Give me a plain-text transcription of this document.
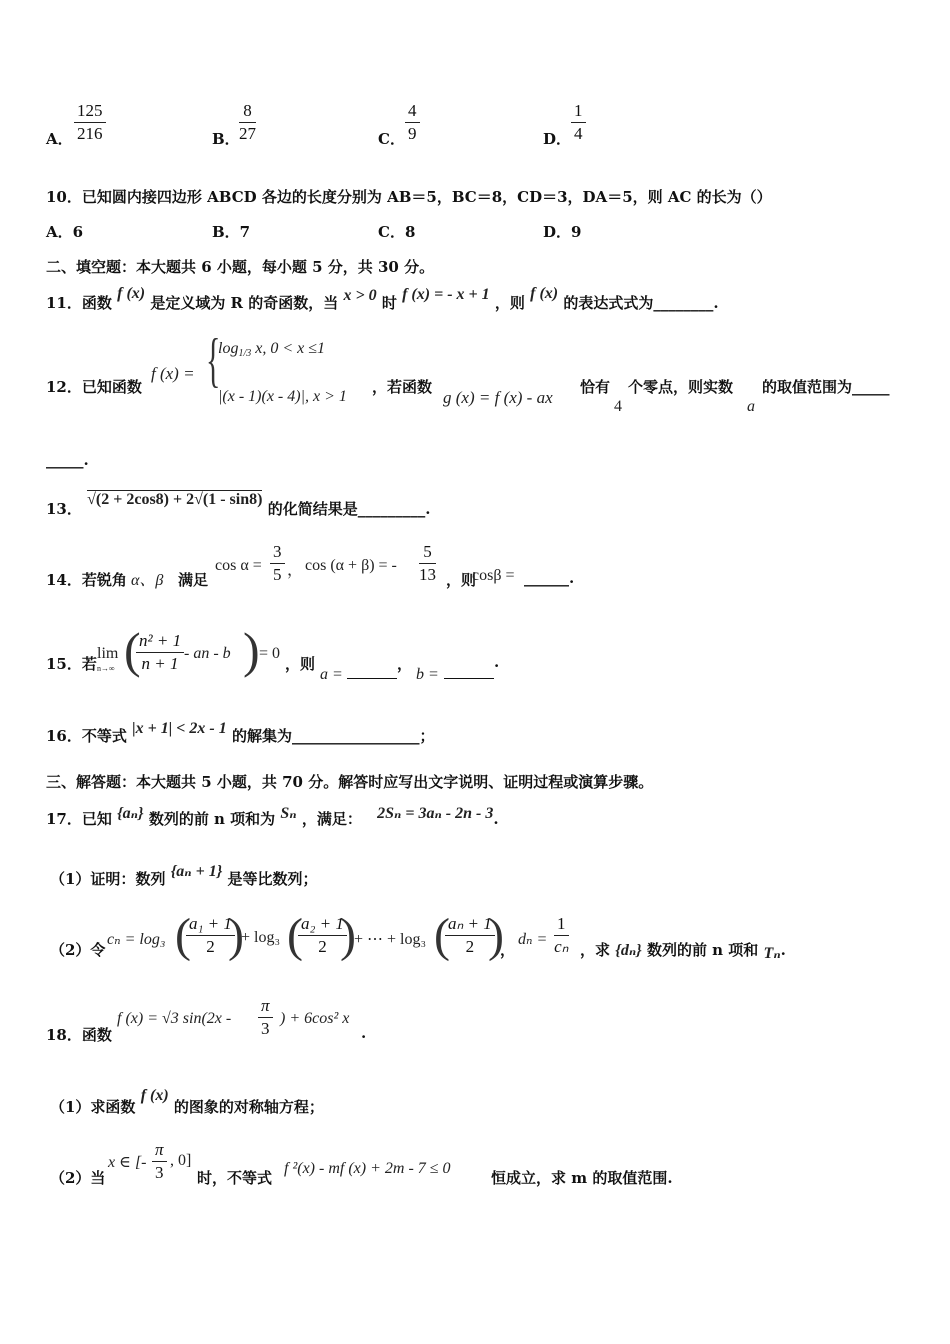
A． $\frac{125}{216}$	B． $\frac{8}{27}$	C． $\frac{4}{9}$	D． $\frac{1}{4}$
10．已知圆内接四边形 ABCD 各边的长度分别为 AB＝5，BC＝8，CD＝3，DA＝5，则 AC 的长为（）
A．6	B．7	C．8	D．9
二、填空题：本大题共 6 小题，每小题 5 分，共 30 分。
11．函数 f (x) 是定义域为 R 的奇函数，当 x > 0 时 f (x) = - x + 1 ，则 f (x) 的表达式式为________.
12．已知函数
f (x) = {
$\log_{1/3} x$, 0 < x ≤1
|(x - 1)(x - 4)|, x > 1
，若函数
g (x) = f (x) - ax
恰有
4
个零点，则实数
a
的取值范围为_____
_____.
13． √(2 + 2cos8) + 2√(1 - sin8) 的化简结果是_________.
14．若锐角 α、β 满足
$\cos \alpha = \frac{3}{5}$ ， cos (α + β) = - $\frac{5}{13}$ ，则
cosβ = ______.
15．若
lim
n→∞ (
$\frac{\text{n² + 1}}{n + 1}$ - an - b ) = 0
，则
a =
，
b =
.
16．不等式 |x + 1| < 2x - 1 的解集为_________________；
三、解答题：本大题共 5 小题，共 70 分。解答时应写出文字说明、证明过程或演算步骤。
17．已知 {aₙ} 数列的前 n 项和为 Sₙ ，满足： 2Sₙ = 3aₙ - 2n - 3.
（1）证明：数列 {aₙ + 1} 是等比数列；
（2）令
cₙ = log₃ (
$\frac{\text{a₁ + 1}}{2}$
)
+ log₃ (
$\frac{\text{a₂ + 1}}{2}$
)
+ ⋯ + log₃ (
$\frac{\text{aₙ + 1}}{2}$
)
，
$d_n = \frac{1}{\text{cₙ}}$ ，求 {dₙ} 数列的前 n 项和 Tₙ.
18．函数
f (x) = √3 $\sin(2x - \frac{\pi}{3}$ ) + 6cos² x
.
（1）求函数 f (x) 的图象的对称轴方程；
（2）当
x ∈ [- $\frac{\pi}{3}$ , 0]
时，不等式
f ²(x) - mf (x) + 2m - 7 ≤ 0
恒成立，求 m 的取值范围.
